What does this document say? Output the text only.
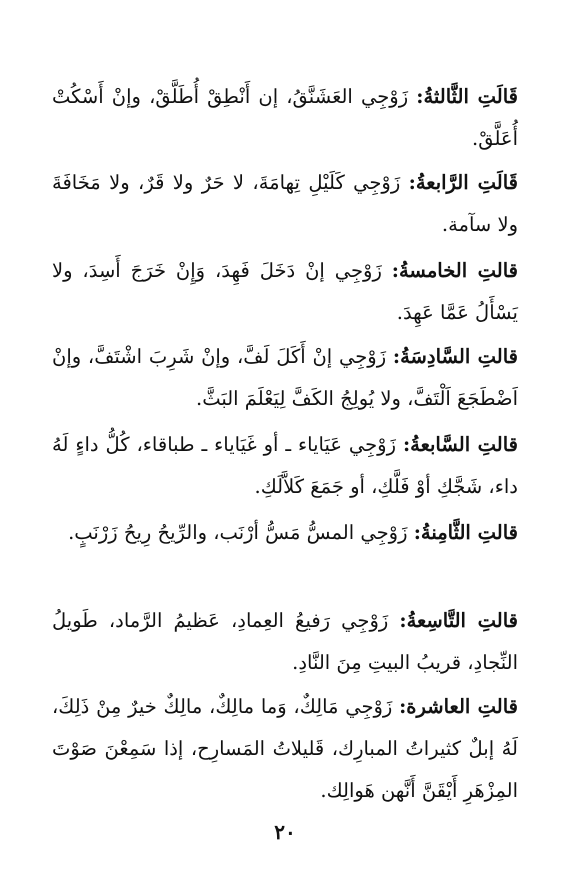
قَالَتِ الثَّالثةُ: زَوْجِي العَشَنَّقُ، إن أَنْطِقْ أُطَلَّقْ، وإنْ أَسْكُتْ أُعَلَّقْ.

قَالَتِ الرَّابعةُ: زَوْجِي كَلَيْلِ تِهامَةَ، لا حَرٌ ولا قَرٌ، ولا مَخَافَةَ ولا سآمة.

قالتِ الخامسةُ: زَوْجِي إنْ دَخَلَ فَهِدَ، وَإِنْ خَرَجَ أَسِدَ، ولا يَسْأَلُ عَمَّا عَهِدَ.

قالتِ السَّادِسَةُ: زَوْجِي إنْ أَكَلَ لَفَّ، وإنْ شَرِبَ اشْتَفَّ، وإنْ اَضْطَجَعَ اَلْتَفَّ، ولا يُولِجُ الكَفَّ لِيَعْلَمَ البَثَّ.

قالتِ السَّابعةُ: زَوْجِي عَيَاياء ـ أو غَيَاياء ـ طباقاء، كُلُّ داءٍ لَهُ داء، شَجَّكِ أوْ فَلَّكِ، أو جَمَعَ كَلاَّلَكِ.

قالتِ الثَّامِنةُ: زَوْجِي المسُّ مَسُّ أرْنَب، والرِّيحُ رِيحُ زَرْنَبٍ.

قالتِ التَّاسِعةُ: زَوْجِي رَفيعُ العِمادِ، عَظيمُ الرَّماد، طَويلُ النِّجادِ، قريبُ البيتِ مِنَ النَّادِ.

قالتِ العاشرة: زَوْجِي مَالِكٌ، وَما مالِكٌ، مالِكٌ خيرٌ مِنْ ذَلِكَ، لَهُ إبلٌ كثيراتُ المبارِك، قَليلاتُ المَسارِح، إذا سَمِعْنَ صَوْتَ المِزْهَرِ أَيْقَنَّ أَنَّهن هَوالِك.

٢٠
